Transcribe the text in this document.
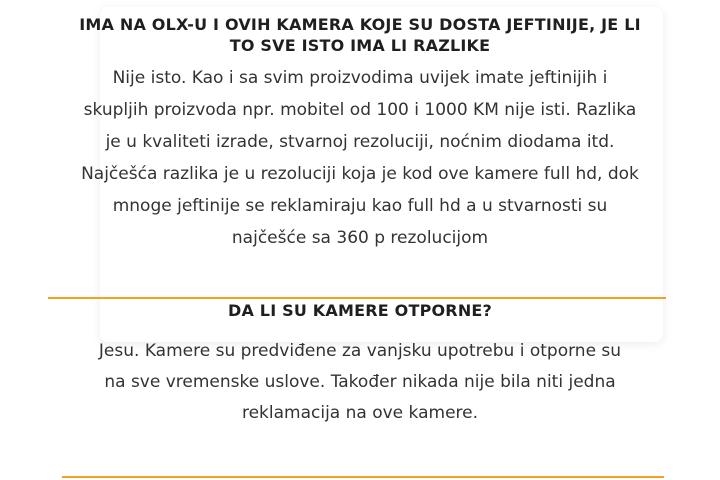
IMA NA OLX-U I OVIH KAMERA KOJE SU DOSTA JEFTINIJE, JE LI TO SVE ISTO IMA LI RAZLIKE

Nije isto. Kao i sa svim proizvodima uvijek imate jeftinijih i skupljih proizvoda npr. mobitel od 100 i 1000 KM nije isti. Razlika je u kvaliteti izrade, stvarnoj rezoluciji, noćnim diodama itd. Najčešća razlika je u rezoluciji koja je kod ove kamere full hd, dok mnoge jeftinije se reklamiraju kao full hd a u stvarnosti su najčešće sa 360 p rezolucijom

DA LI SU KAMERE OTPORNE?

Jesu. Kamere su predviđene za vanjsku upotrebu i otporne su na sve vremenske uslove. Također nikada nije bila niti jedna reklamacija na ove kamere.
